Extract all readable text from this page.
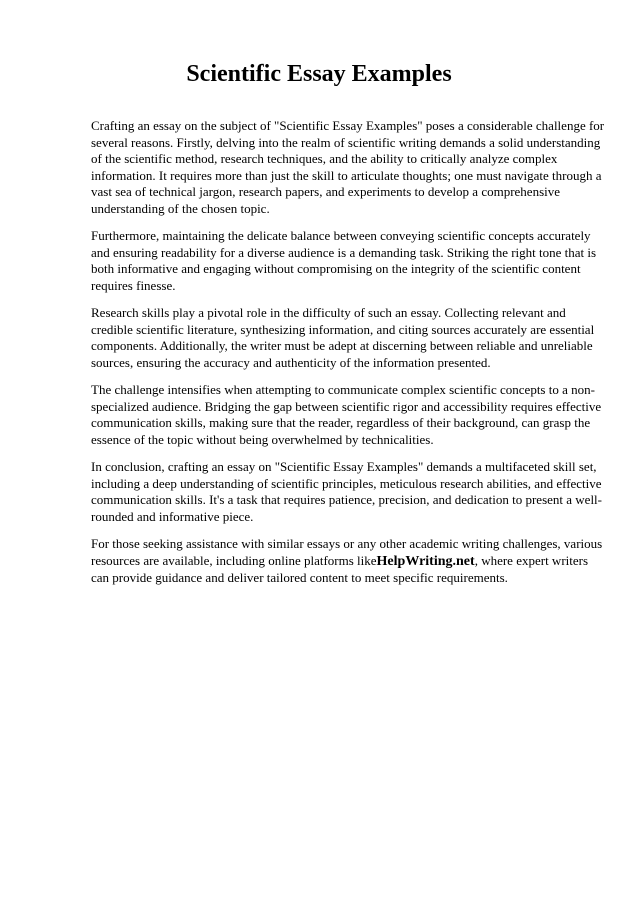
Scientific Essay Examples

Crafting an essay on the subject of "Scientific Essay Examples" poses a considerable challenge for several reasons. Firstly, delving into the realm of scientific writing demands a solid understanding of the scientific method, research techniques, and the ability to critically analyze complex information. It requires more than just the skill to articulate thoughts; one must navigate through a vast sea of technical jargon, research papers, and experiments to develop a comprehensive understanding of the chosen topic.

Furthermore, maintaining the delicate balance between conveying scientific concepts accurately and ensuring readability for a diverse audience is a demanding task. Striking the right tone that is both informative and engaging without compromising on the integrity of the scientific content requires finesse.

Research skills play a pivotal role in the difficulty of such an essay. Collecting relevant and credible scientific literature, synthesizing information, and citing sources accurately are essential components. Additionally, the writer must be adept at discerning between reliable and unreliable sources, ensuring the accuracy and authenticity of the information presented.

The challenge intensifies when attempting to communicate complex scientific concepts to a non-specialized audience. Bridging the gap between scientific rigor and accessibility requires effective communication skills, making sure that the reader, regardless of their background, can grasp the essence of the topic without being overwhelmed by technicalities.

In conclusion, crafting an essay on "Scientific Essay Examples" demands a multifaceted skill set, including a deep understanding of scientific principles, meticulous research abilities, and effective communication skills. It's a task that requires patience, precision, and dedication to present a well-rounded and informative piece.

For those seeking assistance with similar essays or any other academic writing challenges, various resources are available, including online platforms likeHelpWriting.net, where expert writers can provide guidance and deliver tailored content to meet specific requirements.
